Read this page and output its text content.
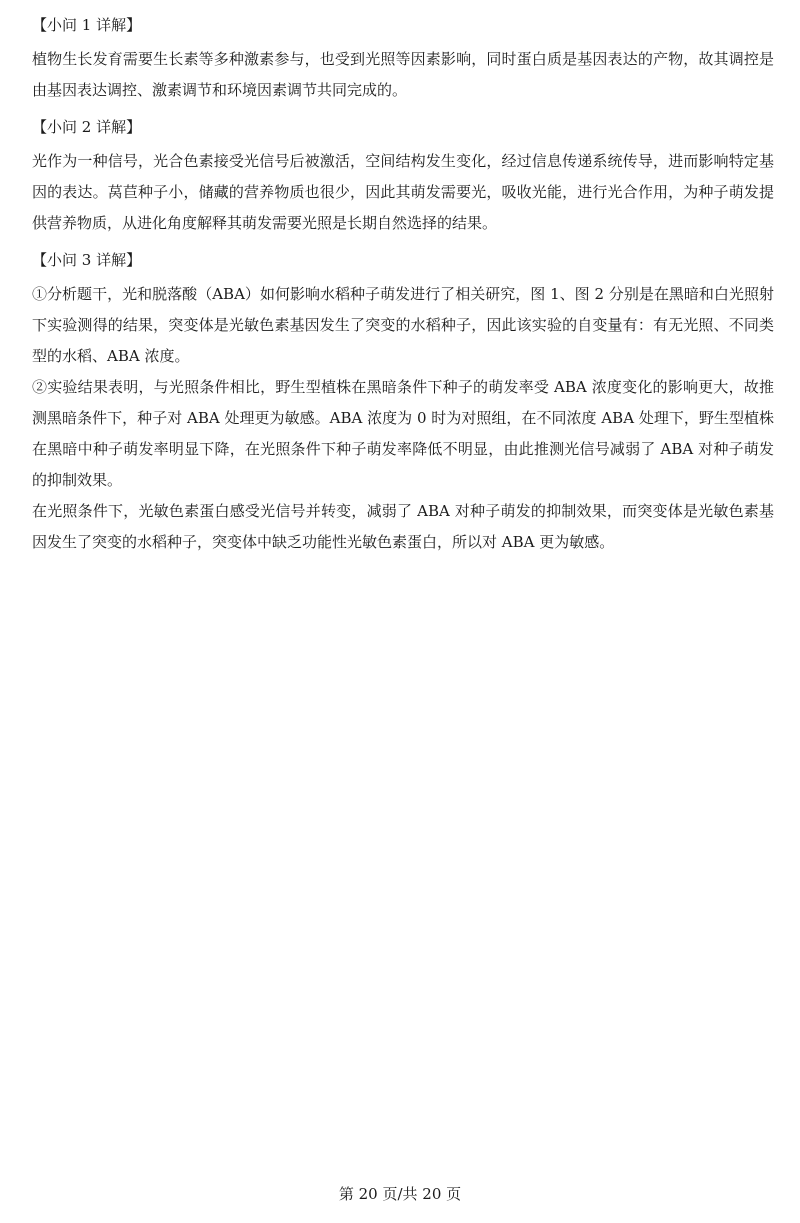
【小问 1 详解】

植物生长发育需要生长素等多种激素参与，也受到光照等因素影响，同时蛋白质是基因表达的产物，故其调控是由基因表达调控、激素调节和环境因素调节共同完成的。

【小问 2 详解】

光作为一种信号，光合色素接受光信号后被激活，空间结构发生变化，经过信息传递系统传导，进而影响特定基因的表达。莴苣种子小，储藏的营养物质也很少，因此其萌发需要光，吸收光能，进行光合作用，为种子萌发提供营养物质，从进化角度解释其萌发需要光照是长期自然选择的结果。

【小问 3 详解】

①分析题干，光和脱落酸（ABA）如何影响水稻种子萌发进行了相关研究，图 1、图 2 分别是在黑暗和白光照射下实验测得的结果，突变体是光敏色素基因发生了突变的水稻种子，因此该实验的自变量有：有无光照、不同类型的水稻、ABA 浓度。

②实验结果表明，与光照条件相比，野生型植株在黑暗条件下种子的萌发率受 ABA 浓度变化的影响更大，故推测黑暗条件下，种子对 ABA 处理更为敏感。ABA 浓度为 0 时为对照组，在不同浓度 ABA 处理下，野生型植株在黑暗中种子萌发率明显下降，在光照条件下种子萌发率降低不明显，由此推测光信号减弱了 ABA 对种子萌发的抑制效果。

在光照条件下，光敏色素蛋白感受光信号并转变，减弱了 ABA 对种子萌发的抑制效果，而突变体是光敏色素基因发生了突变的水稻种子，突变体中缺乏功能性光敏色素蛋白，所以对 ABA 更为敏感。

第 20 页/共 20 页
